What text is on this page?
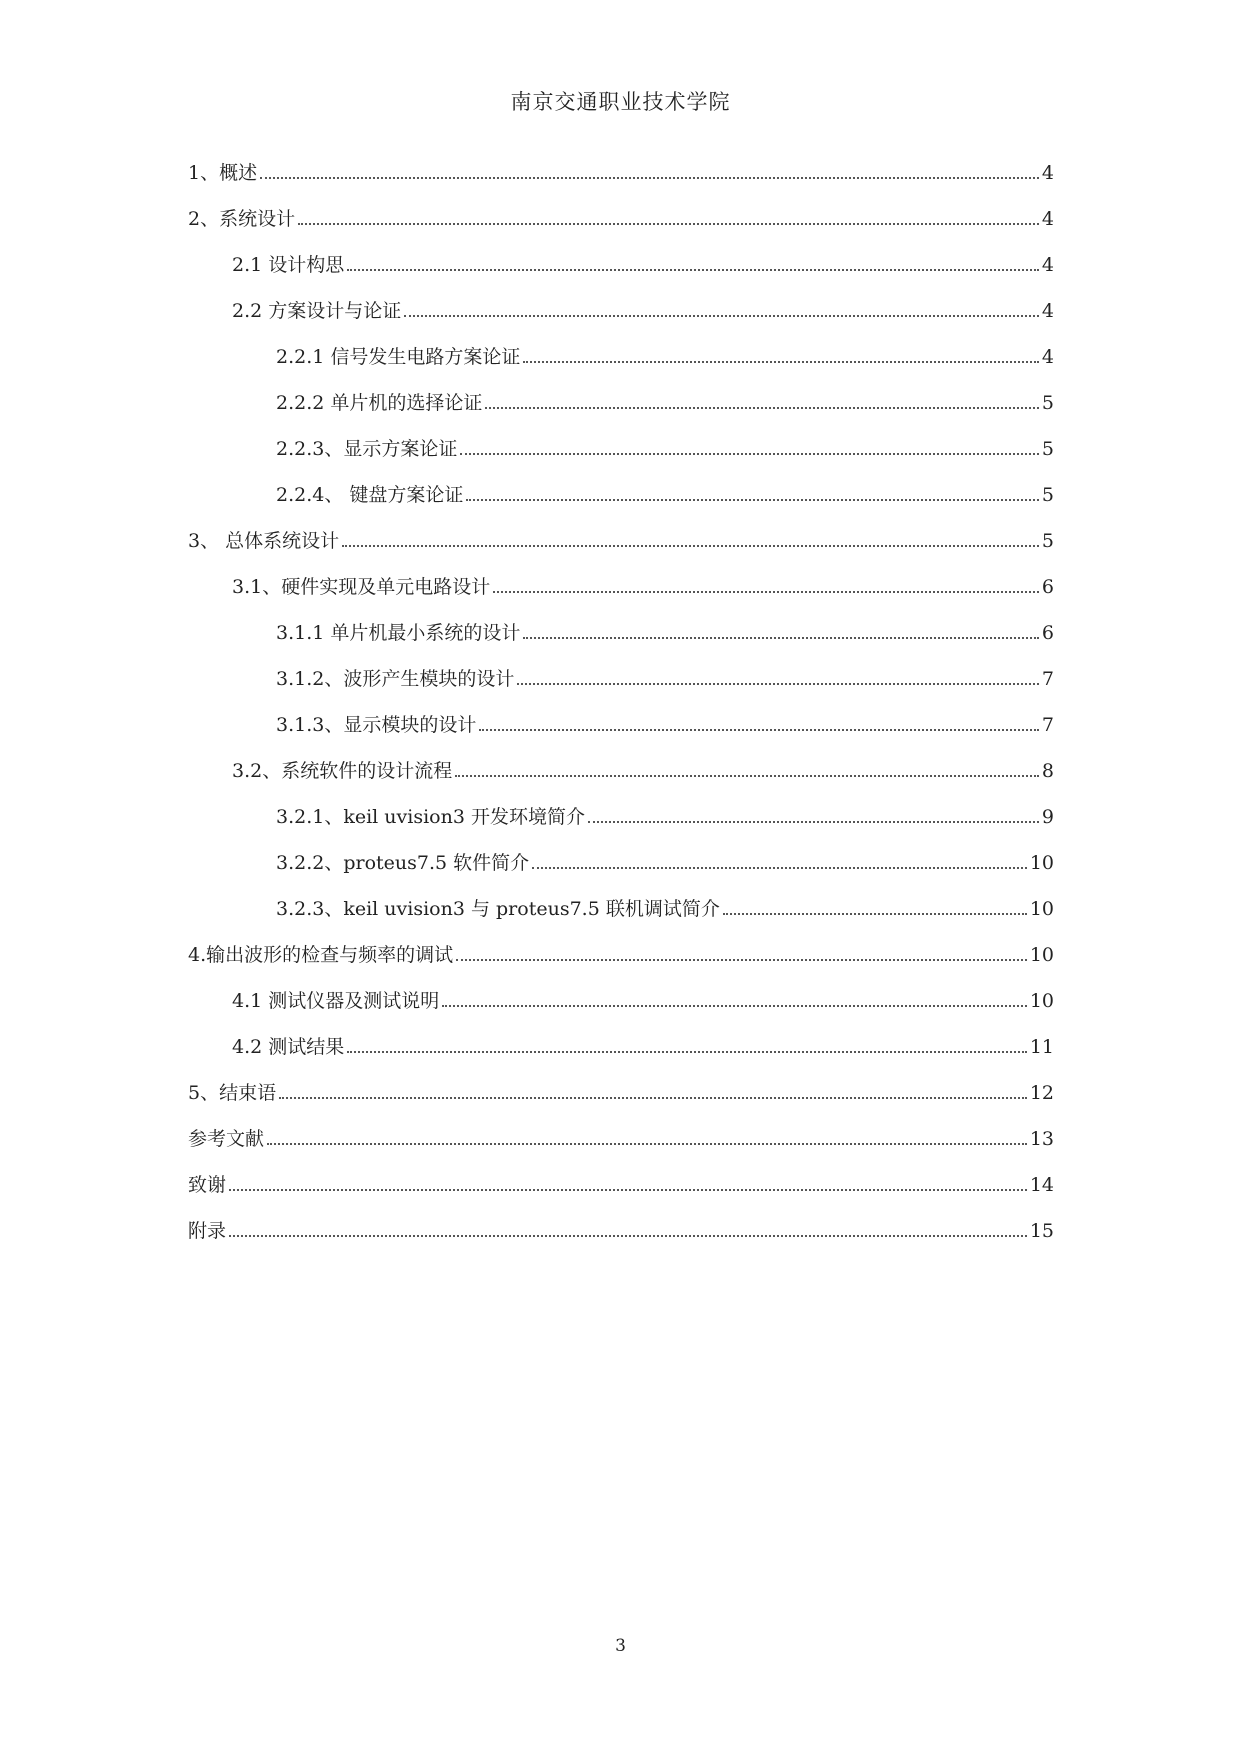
南京交通职业技术学院
1、概述	4
2、系统设计	4
2.1 设计构思	4
2.2 方案设计与论证	4
2.2.1 信号发生电路方案论证	4
2.2.2 单片机的选择论证	5
2.2.3、显示方案论证	5
2.2.4、 键盘方案论证	5
3、 总体系统设计	5
3.1、硬件实现及单元电路设计	6
3.1.1 单片机最小系统的设计	6
3.1.2、波形产生模块的设计	7
3.1.3、显示模块的设计	7
3.2、系统软件的设计流程	8
3.2.1、keil uvision3 开发环境简介	9
3.2.2、proteus7.5 软件简介	10
3.2.3、keil uvision3 与 proteus7.5 联机调试简介	10
4.输出波形的检查与频率的调试	10
4.1 测试仪器及测试说明	10
4.2 测试结果	11
5、结束语	12
参考文献	13
致谢	14
附录	15
3
